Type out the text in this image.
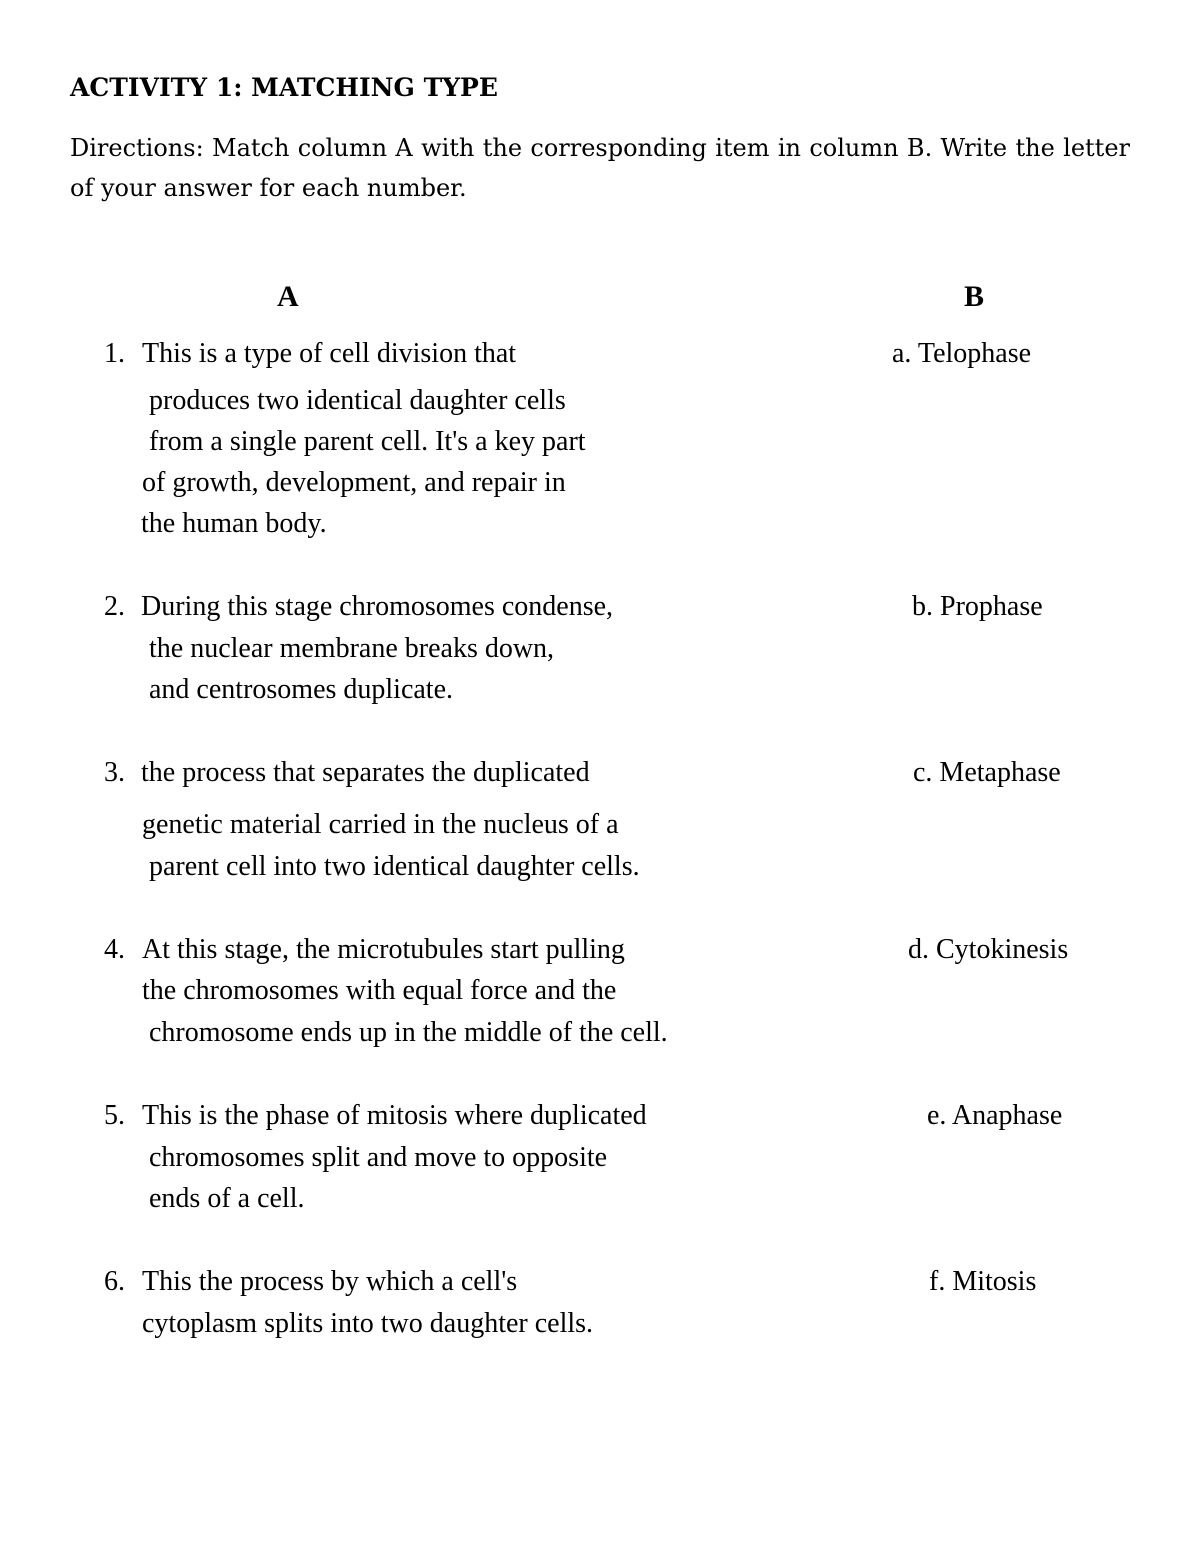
ACTIVITY 1: MATCHING TYPE
Directions: Match column A with the corresponding item in column B. Write the letter of your answer for each number.
A	B
1. This is a type of cell division that
produces two identical daughter cells
from a single parent cell. It's a key part
of growth, development, and repair in
the human body.
2. During this stage chromosomes condense,
the nuclear membrane breaks down,
and centrosomes duplicate.
3. the process that separates the duplicated
genetic material carried in the nucleus of a
parent cell into two identical daughter cells.
4. At this stage, the microtubules start pulling
the chromosomes with equal force and the
chromosome ends up in the middle of the cell.
5. This is the phase of mitosis where duplicated
chromosomes split and move to opposite
ends of a cell.
6. This the process by which a cell's
cytoplasm splits into two daughter cells.
a. Telophase
b. Prophase
c. Metaphase
d. Cytokinesis
e. Anaphase
f. Mitosis
